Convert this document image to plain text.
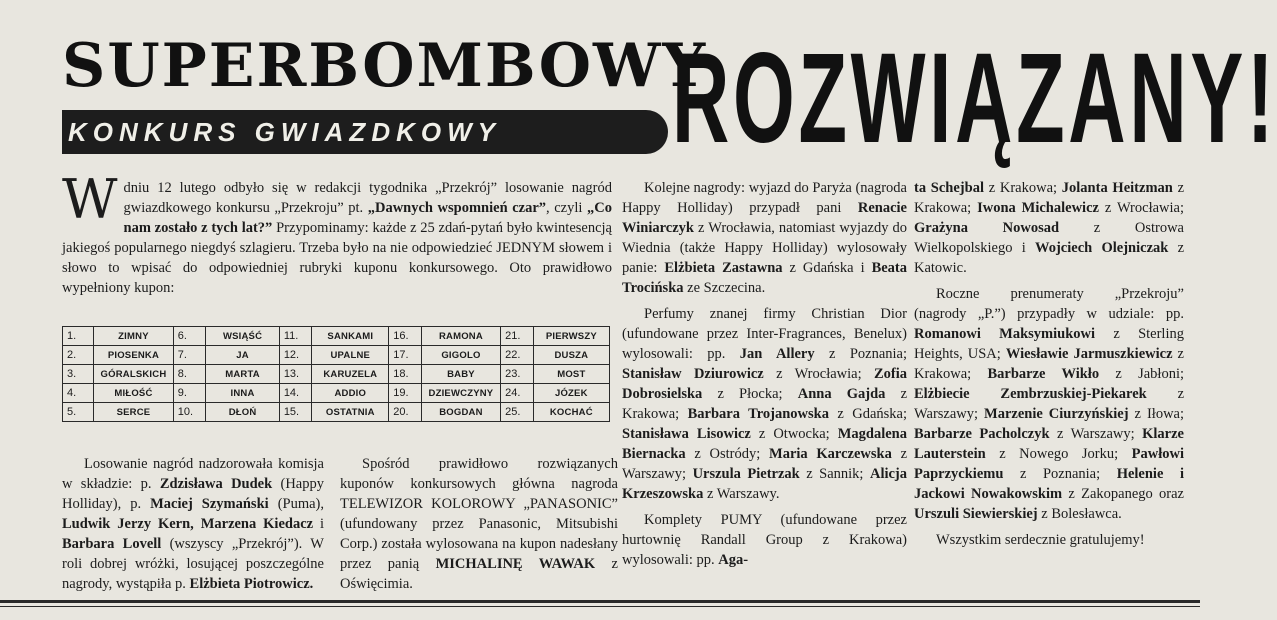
SUPERBOMBOWY
ROZWIĄZANY!
KONKURS GWIAZDKOWY

Wdniu 12 lutego odbyło się w redakcji tygodnika „Przekrój” losowanie nagród gwiazdkowego konkursu „Przekroju” pt. „Dawnych wspomnień czar”, czyli „Co nam zostało z tych lat?” Przypominamy: każde z 25 zdań-pytań było kwintesencją jakiegoś popularnego niegdyś szlagieru. Trzeba było na nie odpowiedzieć JEDNYM słowem i słowo to wpisać do odpowiedniej rubryki kuponu konkursowego. Oto prawidłowo wypełniony kupon:

1.	ZIMNY	6.	WSIĄŚĆ	11.	SANKAMI	16.	RAMONA	21.	PIERWSZY
2.	PIOSENKA	7.	JA	12.	UPALNE	17.	GIGOLO	22.	DUSZA
3.	GÓRALSKICH	8.	MARTA	13.	KARUZELA	18.	BABY	23.	MOST
4.	MIŁOŚĆ	9.	INNA	14.	ADDIO	19.	DZIEWCZYNY	24.	JÓZEK
5.	SERCE	10.	DŁOŃ	15.	OSTATNIA	20.	BOGDAN	25.	KOCHAĆ

Losowanie nagród nadzorowała komisja w składzie: p. Zdzisława Dudek (Happy Holliday), p. Maciej Szymański (Puma), Ludwik Jerzy Kern, Marzena Kiedacz i Barbara Lovell (wszyscy „Przekrój”). W roli dobrej wróżki, losującej poszczególne nagrody, wystąpiła p. Elżbieta Piotrowicz.

Spośród prawidłowo rozwiązanych kuponów konkursowych główna nagroda TELEWIZOR KOLOROWY „PANASONIC” (ufundowany przez Panasonic, Mitsubishi Corp.) została wylosowana na kupon nadesłany przez panią MICHALINĘ WAWAK z Oświęcimia.

Kolejne nagrody: wyjazd do Paryża (nagroda Happy Holliday) przypadł pani Renacie Winiarczyk z Wrocławia, natomiast wyjazdy do Wiednia (także Happy Holliday) wylosowały panie: Elżbieta Zastawna z Gdańska i Beata Trocińska ze Szczecina.

Perfumy znanej firmy Christian Dior (ufundowane przez Inter-Fragrances, Benelux) wylosowali: pp. Jan Allery z Poznania; Stanisław Dziurowicz z Wrocławia; Zofia Dobrosielska z Płocka; Anna Gajda z Krakowa; Barbara Trojanowska z Gdańska; Stanisława Lisowicz z Otwocka; Magdalena Biernacka z Ostródy; Maria Karczewska z Warszawy; Urszula Pietrzak z Sannik; Alicja Krzeszowska z Warszawy.

Komplety PUMY (ufundowane przez hurtownię Randall Group z Krakowa) wylosowali: pp. Aga-

ta Schejbal z Krakowa; Jolanta Heitzman z Krakowa; Iwona Michalewicz z Wrocławia; Grażyna Nowosad z Ostrowa Wielkopolskiego i Wojciech Olejniczak z Katowic.

Roczne prenumeraty „Przekroju” (nagrody „P.”) przypadły w udziale: pp. Romanowi Maksymiukowi z Sterling Heights, USA; Wiesławie Jarmuszkiewicz z Krakowa; Barbarze Wikło z Jabłoni; Elżbiecie Zembrzuskiej-Piekarek z Warszawy; Marzenie Ciurzyńskiej z Iłowa; Barbarze Pacholczyk z Warszawy; Klarze Lauterstein z Nowego Jorku; Pawłowi Paprzyckiemu z Poznania; Helenie i Jackowi Nowakowskim z Zakopanego oraz Urszuli Siewierskiej z Bolesławca.

Wszystkim serdecznie gratulujemy!
